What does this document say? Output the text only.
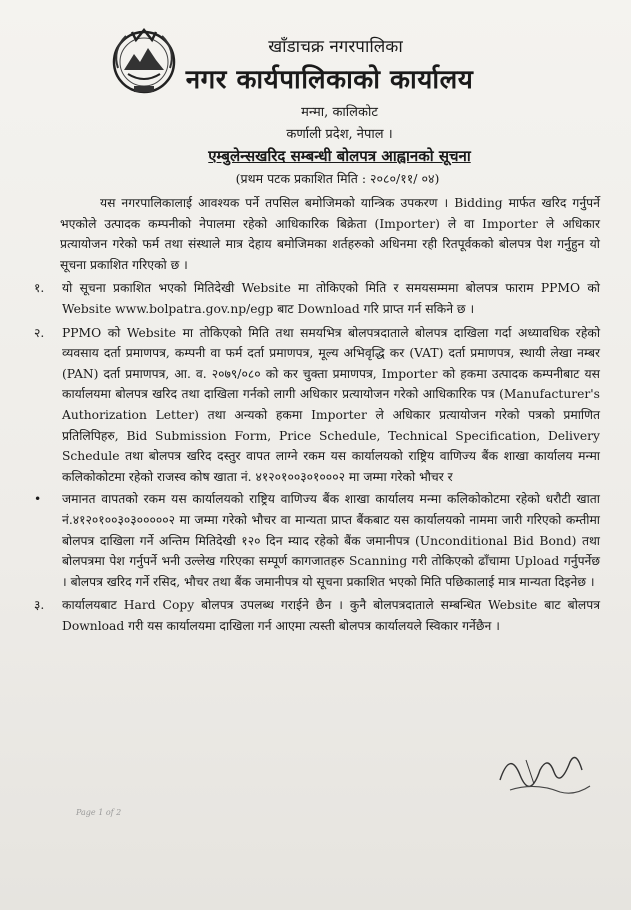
खाँडाचक्र नगरपालिका
नगर कार्यपालिकाको कार्यालय
मन्मा, कालिकोट
कर्णाली प्रदेश, नेपाल ।
एम्बुलेन्सखरिद सम्बन्धी बोलपत्र आह्वानको सूचना
(प्रथम पटक प्रकाशित मिति : २०८०/११/ ०४)

यस नगरपालिकालाई आवश्यक पर्ने तपसिल बमोजिमको यान्त्रिक उपकरण । Bidding मार्फत खरिद गर्नुपर्ने भएकोले उत्पादक कम्पनीको नेपालमा रहेको आधिकारिक बिक्रेता (Importer) ले वा Importer ले अधिकार प्रत्यायोजन गरेको फर्म तथा संस्थाले मात्र देहाय बमोजिमका शर्तहरुको अधिनमा रही रितपूर्वकको बोलपत्र पेश गर्नुहुन यो सूचना प्रकाशित गरिएको छ ।

१.	यो सूचना प्रकाशित भएको मितिदेखी Website मा तोकिएको मिति र समयसम्ममा बोलपत्र फाराम PPMO को Website www.bolpatra.gov.np/egp बाट Download गरि प्राप्त गर्न सकिने छ ।
२.	PPMO को Website मा तोकिएको मिति तथा समयभित्र बोलपत्रदाताले बोलपत्र दाखिला गर्दा अध्यावधिक रहेको व्यवसाय दर्ता प्रमाणपत्र, कम्पनी वा फर्म दर्ता प्रमाणपत्र, मूल्य अभिवृद्धि कर (VAT) दर्ता प्रमाणपत्र, स्थायी लेखा नम्बर (PAN) दर्ता प्रमाणपत्र, आ. व. २०७९/०८० को कर चुक्ता प्रमाणपत्र, Importer को हकमा उत्पादक कम्पनीबाट यस कार्यालयमा बोलपत्र खरिद तथा दाखिला गर्नको लागी अधिकार प्रत्यायोजन गरेको आधिकारिक पत्र (Manufacturer's Authorization Letter) तथा अन्यको हकमा Importer ले अधिकार प्रत्यायोजन गरेको पत्रको प्रमाणित प्रतिलिपिहरु, Bid Submission Form, Price Schedule, Technical Specification, Delivery Schedule तथा बोलपत्र खरिद दस्तुर वापत लाग्ने रकम यस कार्यालयको राष्ट्रिय वाणिज्य बैंक शाखा कार्यालय मन्मा कलिकोकोटमा रहेको राजस्व कोष खाता नं. ४१२०१००३०१०००२ मा जम्मा गरेको भौचर र
•	जमानत वापतको रकम यस कार्यालयको राष्ट्रिय वाणिज्य बैंक शाखा कार्यालय मन्मा कलिकोकोटमा रहेको धरौटी खाता नं.४१२०१००३०३०००००२ मा जम्मा गरेको भौचर वा मान्यता प्राप्त बैंकबाट यस कार्यालयको नाममा जारी गरिएको कम्तीमा बोलपत्र दाखिला गर्ने अन्तिम मितिदेखी १२० दिन म्याद रहेको बैंक जमानीपत्र (Unconditional Bid Bond) तथा बोलपत्रमा पेश गर्नुपर्ने भनी उल्लेख गरिएका सम्पूर्ण कागजातहरु Scanning गरी तोकिएको ढाँचामा Upload गर्नुपर्नेछ । बोलपत्र खरिद गर्ने रसिद, भौचर तथा बैंक जमानीपत्र यो सूचना प्रकाशित भएको मिति पछिकालाई मात्र मान्यता दिइनेछ ।
३.	कार्यालयबाट Hard Copy बोलपत्र उपलब्ध गराईने छैन । कुनै बोलपत्रदाताले सम्बन्धित Website बाट बोलपत्र Download गरी यस कार्यालयमा दाखिला गर्न आएमा त्यस्ती बोलपत्र कार्यालयले स्विकार गर्नेछैन ।
Page 1 of 2
